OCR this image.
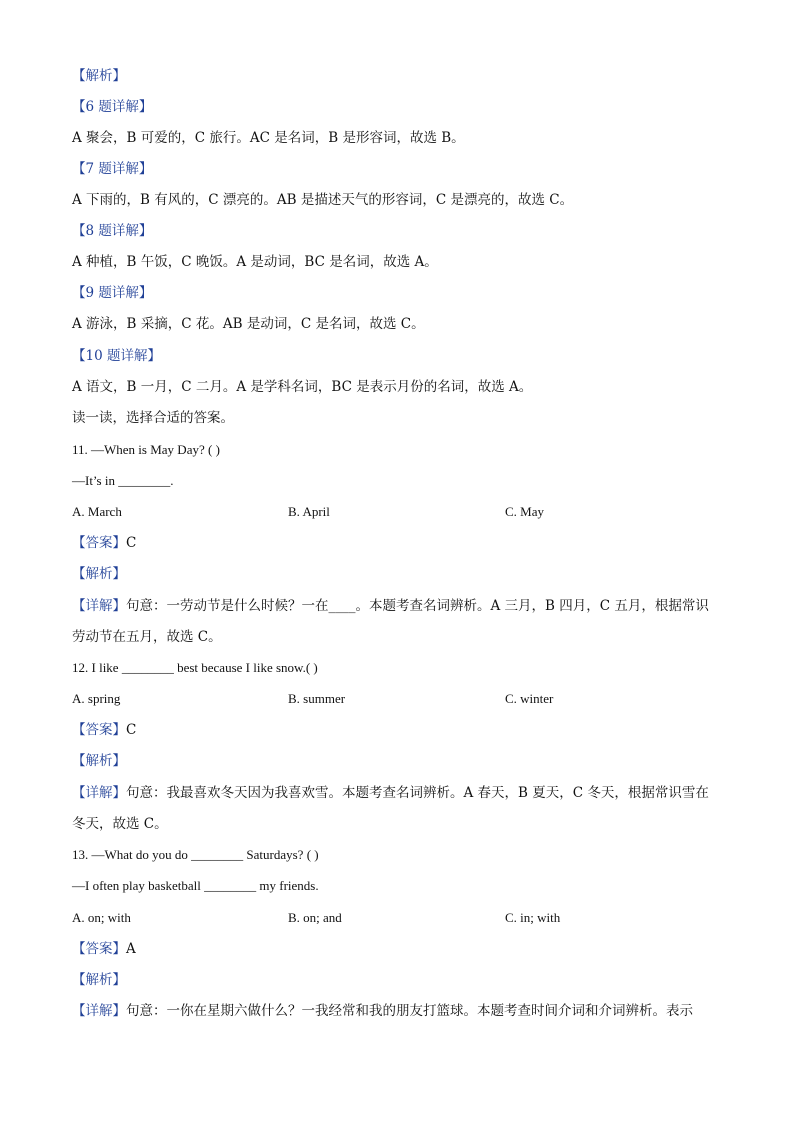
【解析】
【6 题详解】
A 聚会，B 可爱的，C 旅行。AC 是名词，B 是形容词，故选 B。
【7 题详解】
A 下雨的，B 有风的，C 漂亮的。AB 是描述天气的形容词，C 是漂亮的，故选 C。
【8 题详解】
A 种植，B 午饭，C 晚饭。A 是动词，BC 是名词，故选 A。
【9 题详解】
A 游泳，B 采摘，C 花。AB 是动词，C 是名词，故选 C。
【10 题详解】
A 语文，B 一月，C 二月。A 是学科名词，BC 是表示月份的名词，故选 A。
读一读，选择合适的答案。
11. —When is May Day? ( )
—It’s in ________.
A. March	B. April	C. May
【答案】C
【解析】
【详解】句意：一劳动节是什么时候？一在____。本题考查名词辨析。A 三月，B 四月，C 五月，根据常识劳动节在五月，故选 C。
12. I like ________ best because I like snow.( )
A. spring	B. summer	C. winter
【答案】C
【解析】
【详解】句意：我最喜欢冬天因为我喜欢雪。本题考查名词辨析。A 春天，B 夏天，C 冬天，根据常识雪在冬天，故选 C。
13. —What do you do ________ Saturdays? ( )
—I often play basketball ________ my friends.
A. on; with	B. on; and	C. in; with
【答案】A
【解析】
【详解】句意：一你在星期六做什么？一我经常和我的朋友打篮球。本题考查时间介词和介词辨析。表示
